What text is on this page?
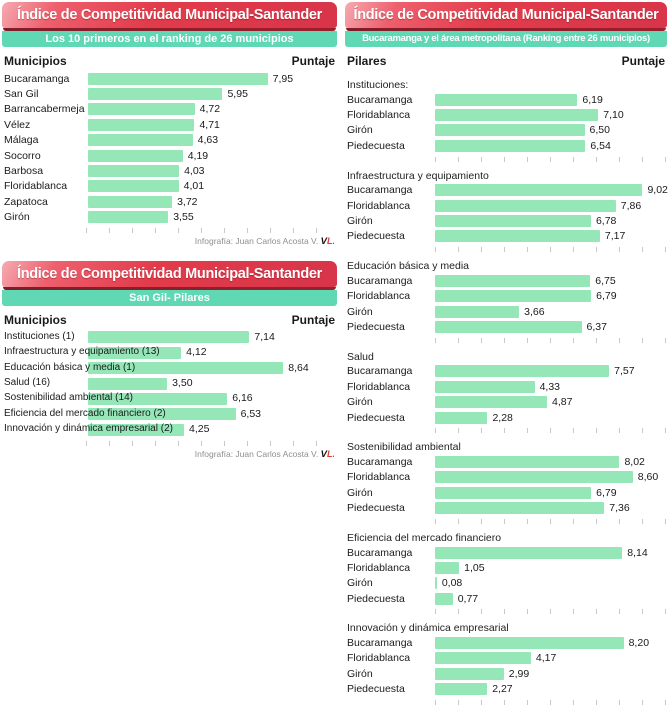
Índice de Competitividad Municipal-Santander
Los 10 primeros en el ranking de 26 municipios
Municipios	Puntaje
Bucaramanga	7,95
San Gil	5,95
Barrancabermeja	4,72
Vélez	4,71
Málaga	4,63
Socorro	4,19
Barbosa	4,03
Floridablanca	4,01
Zapatoca	3,72
Girón	3,55
Infografía: Juan Carlos Acosta V. VL.
Índice de Competitividad Municipal-Santander
San Gil- Pilares
Municipios	Puntaje
Instituciones (1)	7,14
Infraestructura y equipamiento (13)	4,12
Educación básica y media (1)	8,64
Salud (16)	3,50
Sostenibilidad ambiental (14)	6,16
Eficiencia del mercado financiero (2)	6,53
Innovación y dinámica empresarial (2) 4,25
Infografía: Juan Carlos Acosta V. VL.
Índice de Competitividad Municipal-Santander
Bucaramanga y el área metropolitana (Ranking entre 26 municipios)
Pilares	Puntaje
Instituciones:
Bucaramanga	6,19
Floridablanca	7,10
Girón	6,50
Piedecuesta	6,54
Infraestructura y equipamiento
Bucaramanga	9,02
Floridablanca	7,86
Girón	6,78
Piedecuesta	7,17
Educación básica y media
Bucaramanga	6,75
Floridablanca	6,79
Girón	3,66
Piedecuesta	6,37
Salud
Bucaramanga	7,57
Floridablanca	4,33
Girón	4,87
Piedecuesta	2,28
Sostenibilidad ambiental
Bucaramanga	8,02
Floridablanca	8,60
Girón	6,79
Piedecuesta	7,36
Eficiencia del mercado financiero
Bucaramanga	8,14
Floridablanca	1,05
Girón	0,08
Piedecuesta	0,77
Innovación y dinámica empresarial
Bucaramanga	8,20
Floridablanca	4,17
Girón	2,99
Piedecuesta	2,27
